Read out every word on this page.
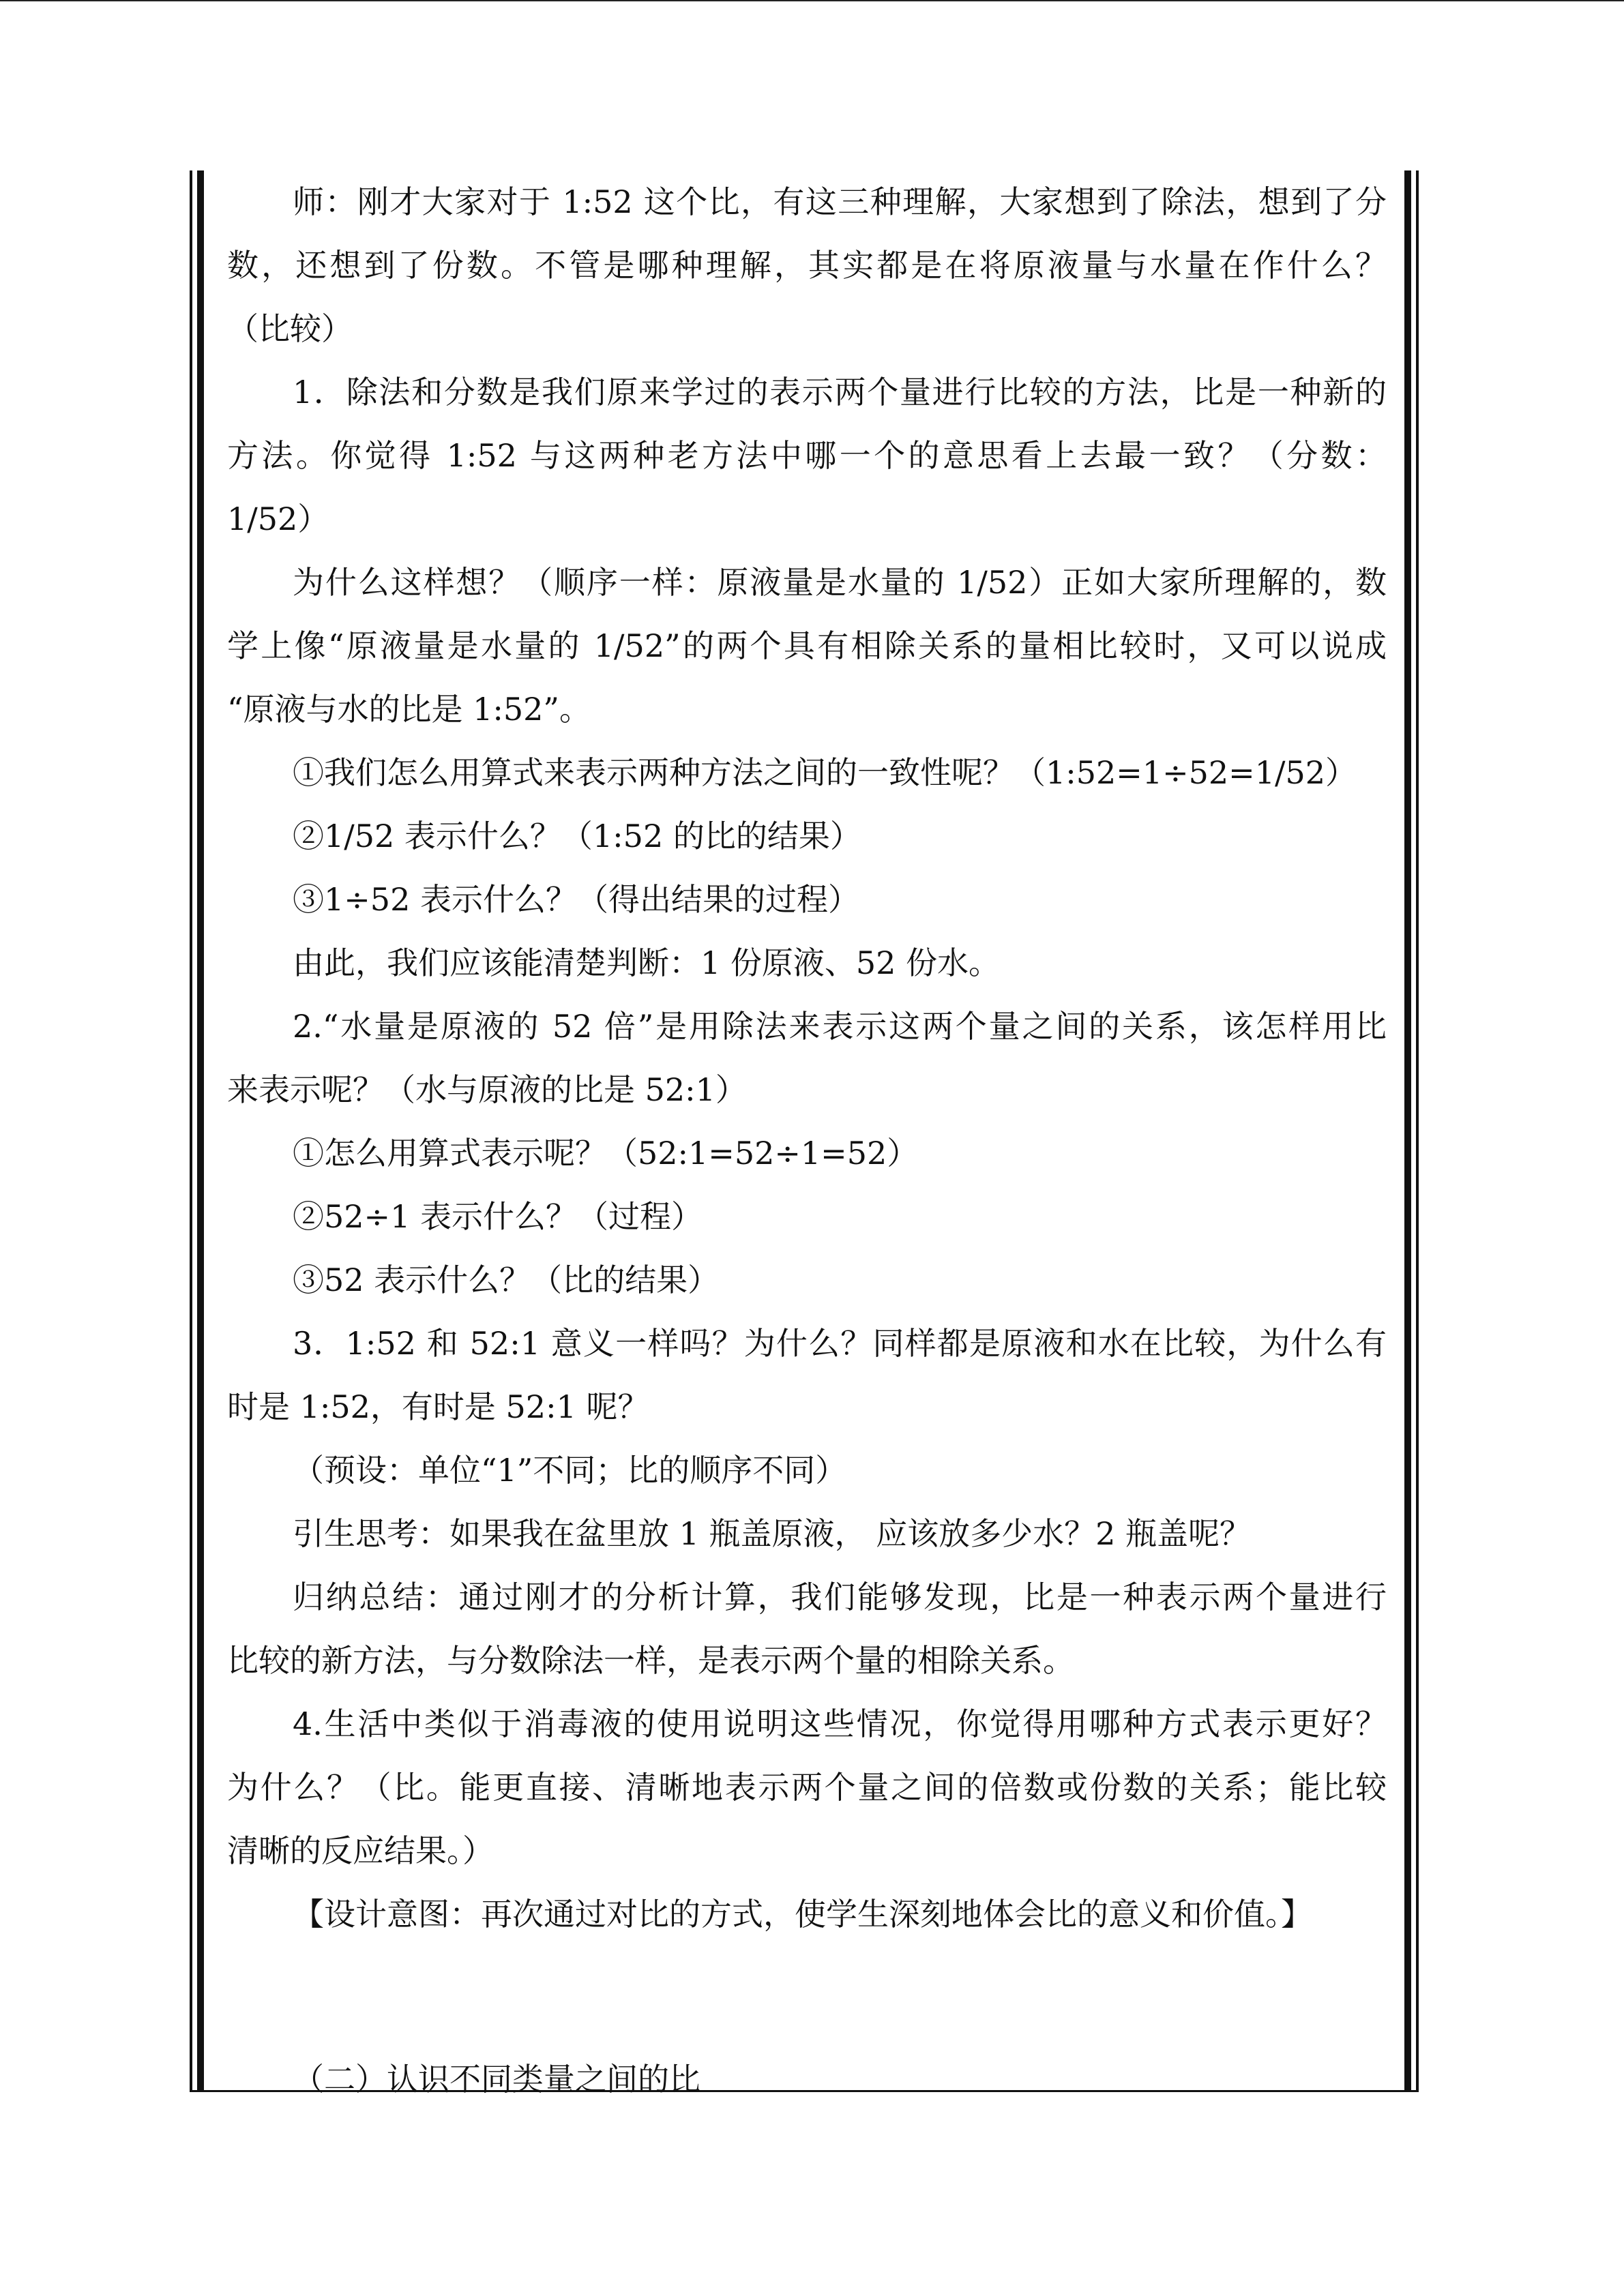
师：刚才大家对于 1:52 这个比，有这三种理解，大家想到了除法，想到了分
数，还想到了份数。不管是哪种理解，其实都是在将原液量与水量在作什么？
（比较）
1．除法和分数是我们原来学过的表示两个量进行比较的方法，比是一种新的
方法。你觉得 1:52 与这两种老方法中哪一个的意思看上去最一致？（分数：
1/52）
为什么这样想？（顺序一样：原液量是水量的 1/52）正如大家所理解的，数
学上像“原液量是水量的 1/52”的两个具有相除关系的量相比较时，又可以说成
“原液与水的比是 1:52”。
①我们怎么用算式来表示两种方法之间的一致性呢？（1:52=1÷52=1/52）
②1/52 表示什么？（1:52 的比的结果）
③1÷52 表示什么？（得出结果的过程）
由此，我们应该能清楚判断：1 份原液、52 份水。
2.“水量是原液的 52 倍”是用除法来表示这两个量之间的关系，该怎样用比
来表示呢？（水与原液的比是 52:1）
①怎么用算式表示呢？（52:1=52÷1=52）
②52÷1 表示什么？（过程）
③52 表示什么？（比的结果）
3．1:52 和 52:1 意义一样吗？为什么？同样都是原液和水在比较，为什么有
时是 1:52，有时是 52:1 呢？
（预设：单位“1”不同；比的顺序不同）
引生思考：如果我在盆里放 1 瓶盖原液， 应该放多少水？2 瓶盖呢？
归纳总结：通过刚才的分析计算，我们能够发现，比是一种表示两个量进行
比较的新方法，与分数除法一样，是表示两个量的相除关系。
4.生活中类似于消毒液的使用说明这些情况，你觉得用哪种方式表示更好？
为什么？（比。能更直接、清晰地表示两个量之间的倍数或份数的关系；能比较
清晰的反应结果。）
【设计意图：再次通过对比的方式，使学生深刻地体会比的意义和价值。】
（二）认识不同类量之间的比
